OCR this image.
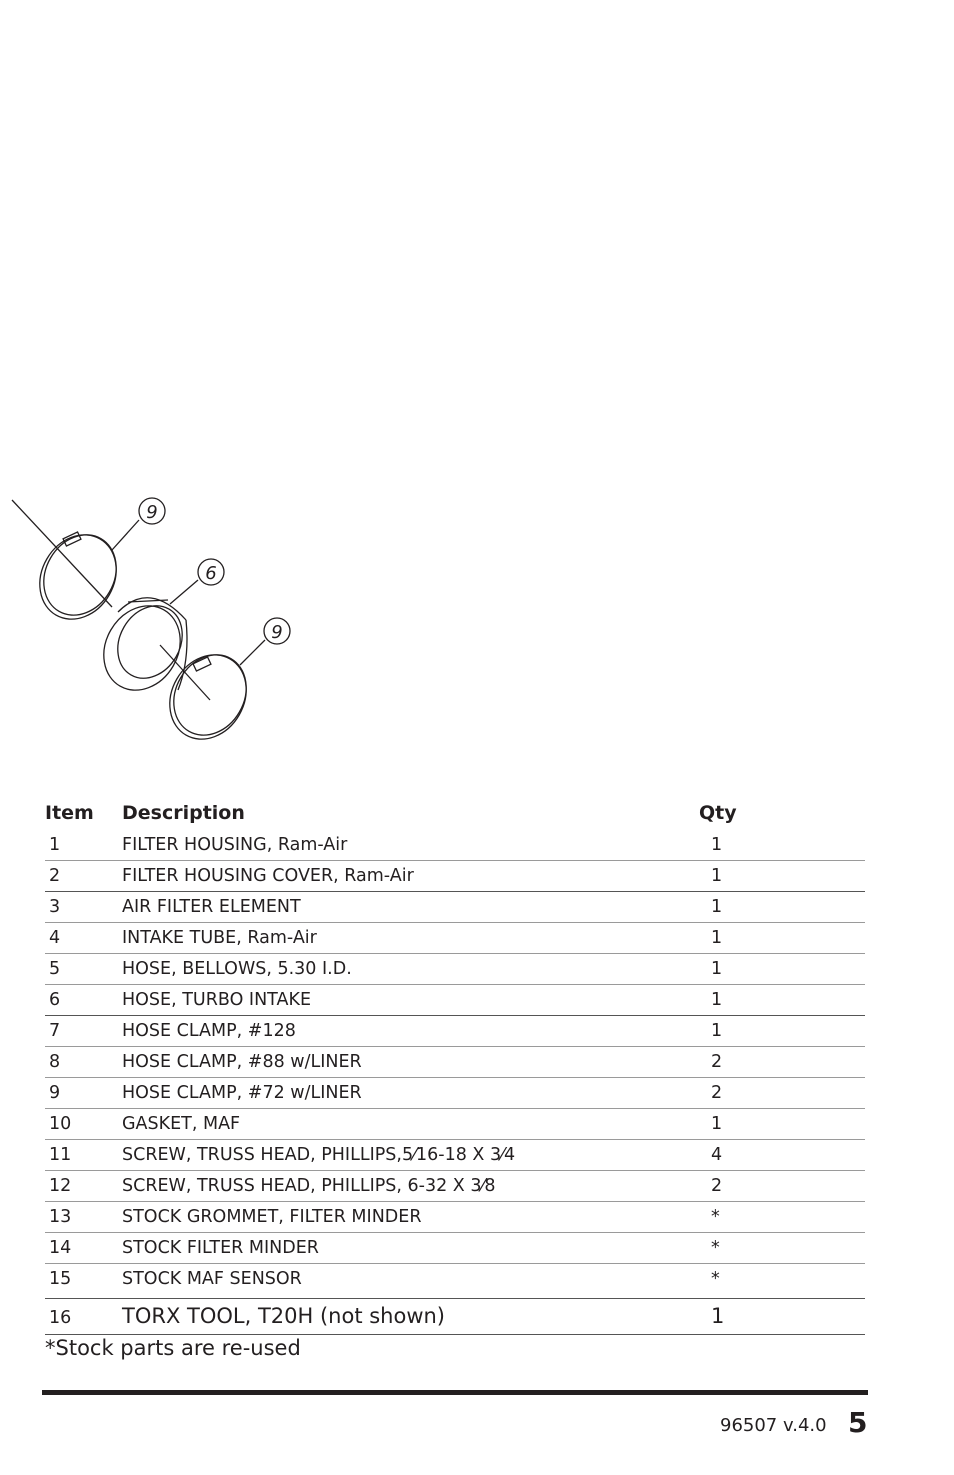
9
6
9
Item Description	Qty
1	FILTER HOUSING, Ram-Air	1
2	FILTER HOUSING COVER, Ram-Air	1
3	AIR FILTER ELEMENT	1
4	INTAKE TUBE, Ram-Air	1
5	HOSE, BELLOWS, 5.30 I.D.	1
6	HOSE, TURBO INTAKE	1
7	HOSE CLAMP, #128	1
8	HOSE CLAMP, #88 w/LINER	2
9	HOSE CLAMP, #72 w/LINER	2
10	GASKET, MAF	1
11	SCREW, TRUSS HEAD, PHILLIPS,5⁄16-18 X 3⁄4	4
12	SCREW, TRUSS HEAD, PHILLIPS, 6-32 X 3⁄8	2
13	STOCK GROMMET, FILTER MINDER	*
14	STOCK FILTER MINDER	*
15	STOCK MAF SENSOR	*
16 TORX TOOL, T20H (not shown)	1
*Stock parts are re-used
96507 v.4.0 5
